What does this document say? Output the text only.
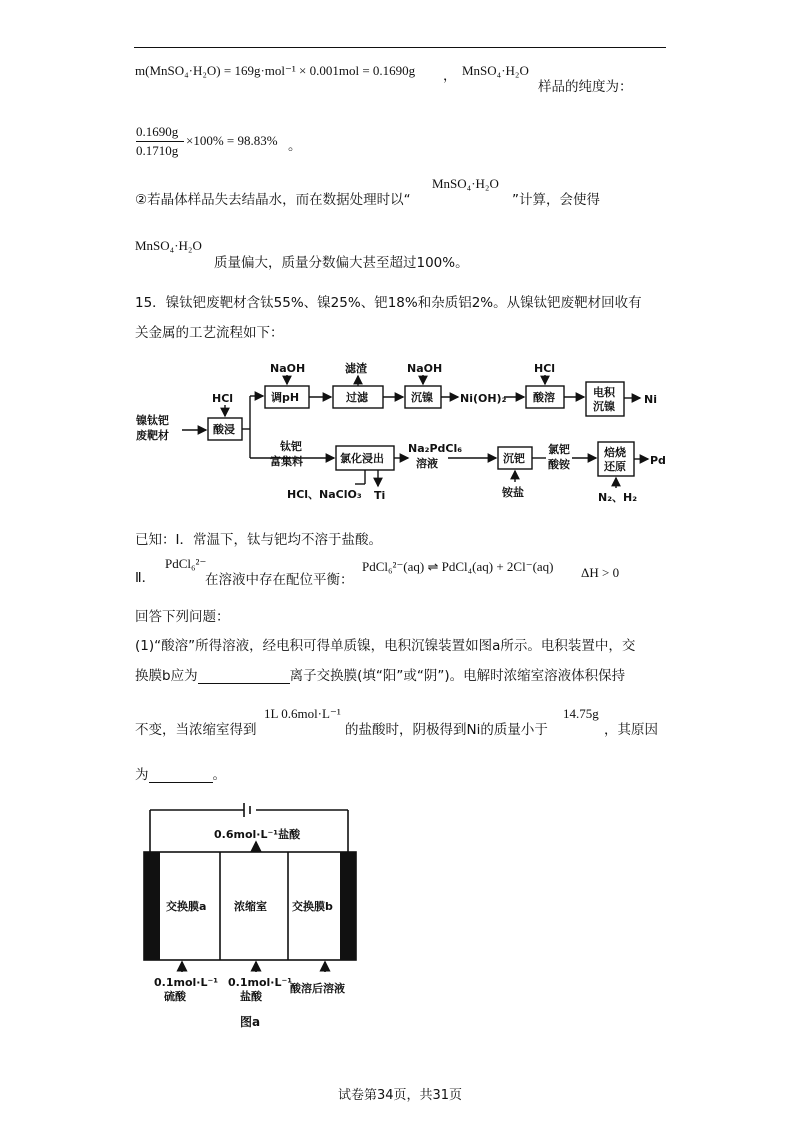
m(MnSO₄·H₂O) = 169g·mol⁻¹ × 0.001mol = 0.1690g ， MnSO₄·H₂O
样品的纯度为：
0.1690g
0.1710g
×100% = 98.83% 。
②若晶体样品失去结晶水，而在数据处理时以“
MnSO₄·H₂O
”计算，会使得
MnSO₄·H₂O
质量偏大，质量分数偏大甚至超过100%。
15．镍钛钯废靶材含钛55%、镍25%、钯18%和杂质铝2%。从镍钛钯废靶材回收有
关金属的工艺流程如下：
镍钛钯
废靶材
HCl
酸浸
NaOH
调pH
滤渣
过滤
NaOH
沉镍 Ni(OH)₂
HCl
酸溶	电积
沉镍
Ni
钛钯
富集料	氯化浸出
HCl、NaClO₃ Ti
Na₂PdCl₆
溶液	沉钯
铵盐
氯钯
酸铵
焙烧
还原
N₂、H₂
Pd
已知：Ⅰ．常温下，钛与钯均不溶于盐酸。
Ⅱ．
PdCl₆²⁻
在溶液中存在配位平衡：
PdCl₆²⁻(aq) ⇌ PdCl₄(aq) + 2Cl⁻(aq) ΔH > 0
回答下列问题：
(1)“酸溶”所得溶液，经电积可得单质镍，电积沉镍装置如图a所示。电积装置中，交
换膜b应为	离子交换膜(填“阳”或“阴”)。电解时浓缩室溶液体积保持
不变，当浓缩室得到
1L 0.6mol·L⁻¹
的盐酸时，阴极得到Ni的质量小于
14.75g
，其原因
为	。
0.6mol·L⁻¹盐酸
交换膜a	浓缩室 交换膜b
0.1mol·L⁻¹
硫酸
0.1mol·L⁻¹
盐酸
酸溶后溶液
图a
试卷第34页，共31页
